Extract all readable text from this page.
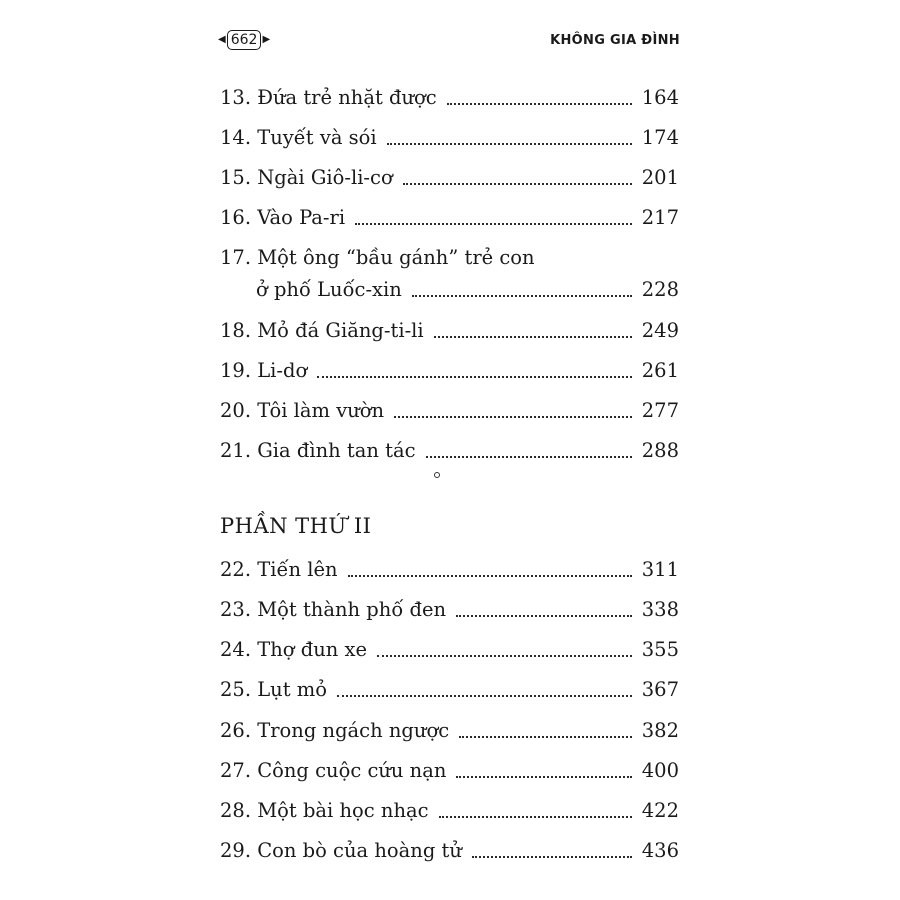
◀ 662 ▶	KHÔNG GIA ĐÌNH
13. Đứa trẻ nhặt được	164
14. Tuyết và sói	174
15. Ngài Giô-li-cơ	201
16. Vào Pa-ri	217
17. Một ông “bầu gánh” trẻ con
ở phố Luốc-xin	228
18. Mỏ đá Giăng-ti-li	249
19. Li-dơ	261
20. Tôi làm vườn	277
21. Gia đình tan tác	288
PHẦN THỨ II
22. Tiến lên	311
23. Một thành phố đen	338
24. Thợ đun xe	355
25. Lụt mỏ	367
26. Trong ngách ngược	382
27. Công cuộc cứu nạn	400
28. Một bài học nhạc	422
29. Con bò của hoàng tử	436
